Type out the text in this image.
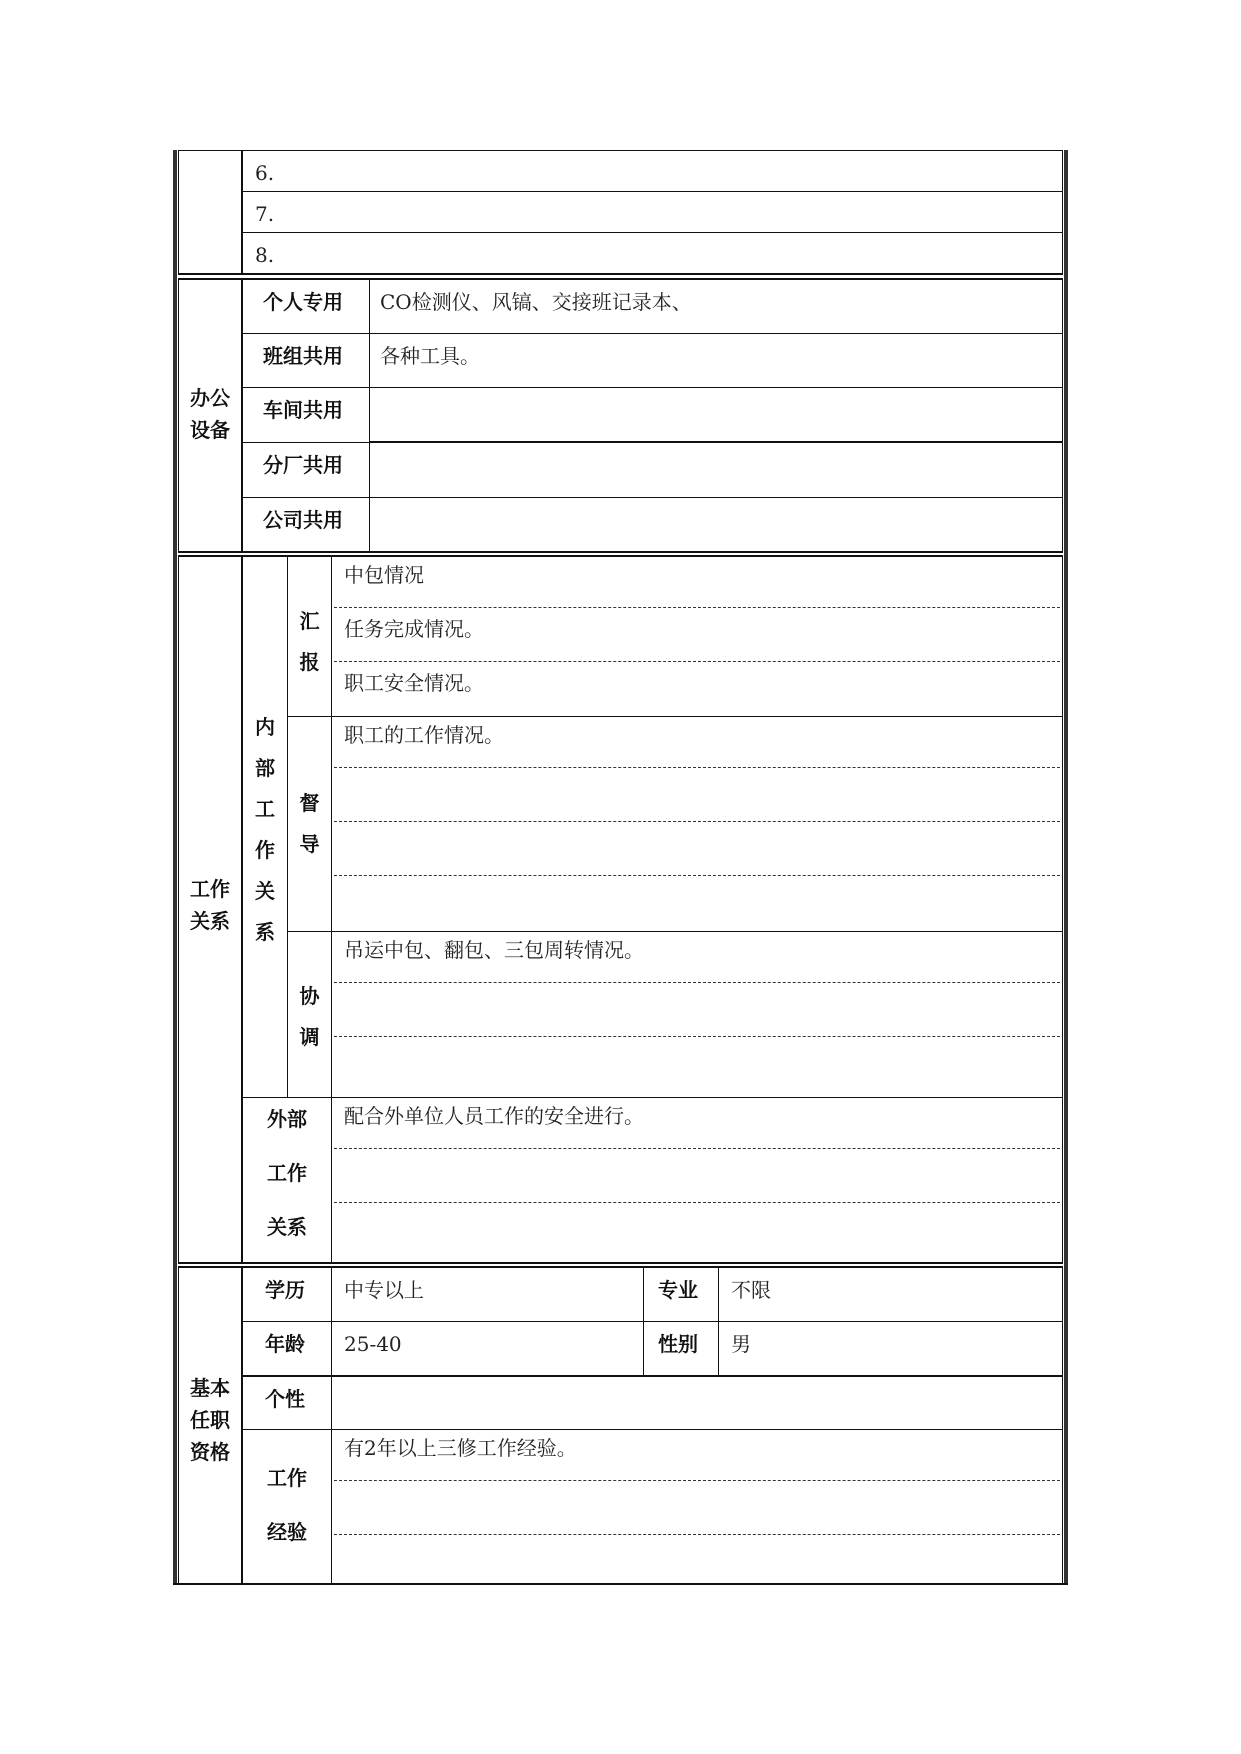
6.
7.
8.
办公
设备
个人专用 CO检测仪、风镐、交接班记录本、
班组共用 各种工具。
车间共用
分厂共用
公司共用
工作
关系
内
部
工
作
关
系
汇
报
中包情况
任务完成情况。
职工安全情况。
督
导
职工的工作情况。
协
调
吊运中包、翻包、三包周转情况。
外部
工作
关系
配合外单位人员工作的安全进行。
基本
任职
资格
学历 中专以上	专业 不限
年龄 25-40	性别 男
个性
工作
经验
有2年以上三修工作经验。
